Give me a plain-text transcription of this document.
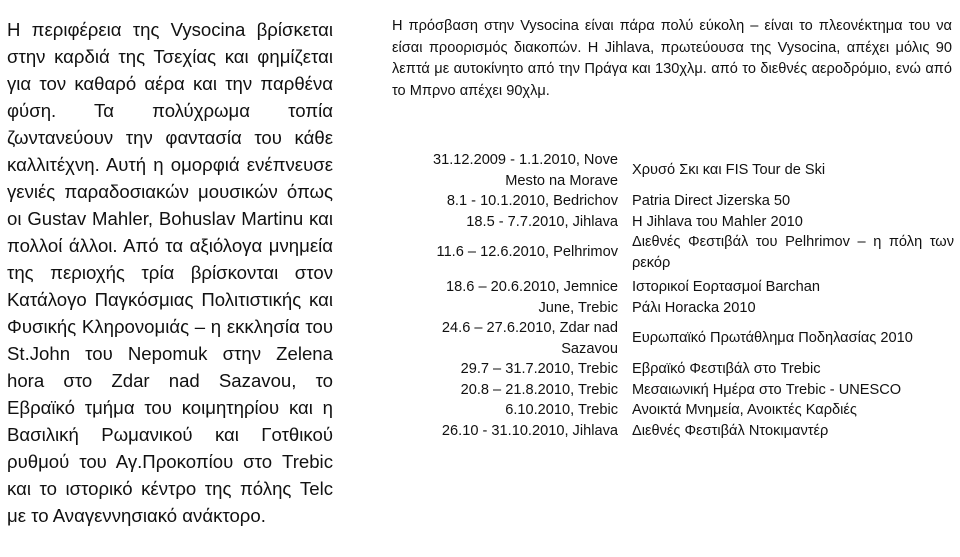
Η περιφέρεια της Vysocina βρίσκεται στην καρδιά της Τσεχίας και φημίζεται για τον καθαρό αέρα και την παρθένα φύση. Τα πολύχρωμα τοπία ζωντανεύουν την φαντασία του κάθε καλλιτέχνη. Αυτή η ομορφιά ενέπνευσε γενιές παραδοσιακών μουσικών όπως οι Gustav Mahler, Bohuslav Martinu και πολλοί άλλοι. Από τα αξιόλογα μνημεία της περιοχής τρία βρίσκονται στον Κατάλογο Παγκόσμιας Πολιτιστικής και Φυσικής Κληρονομιάς – η εκκλησία του St.John του Nepomuk στην Zelena hora στο Zdar nad Sazavou, το Εβραϊκό τμήμα του κοιμητηρίου και η Βασιλική Ρωμανικού και Γοτθικού ρυθμού του Αγ.Προκοπίου στο Trebic και το ιστορικό κέντρο της πόλης Telc με το Αναγεννησιακό ανάκτορο.

Η πρόσβαση στην Vysocina είναι πάρα πολύ εύκολη – είναι το πλεονέκτημα του να είσαι προορισμός διακοπών. Η Jihlava, πρωτεύουσα της Vysocina, απέχει μόλις 90 λεπτά με αυτοκίνητο από την Πράγα και 130χλμ. από το διεθνές αεροδρόμιο, ενώ από το Μπρνο απέχει 90χλμ.
31.12.2009 - 1.1.2010, Nove Mesto na Morave
Χρυσό Σκι και FIS Tour de Ski
8.1 - 10.1.2010, Bedrichov Patria Direct Jizerska 50
18.5 - 7.7.2010, Jihlava H Jihlava του Mahler 2010
11.6 – 12.6.2010, Pelhrimov
Διεθνές Φεστιβάλ του Pelhrimov – η πόλη των ρεκόρ
18.6 – 20.6.2010, Jemnice Ιστορικοί Εορτασμοί Barchan
June, Trebic Ράλι Horacka 2010
24.6 – 27.6.2010, Zdar nad Sazavou
Ευρωπαϊκό Πρωτάθλημα Ποδηλασίας 2010
29.7 – 31.7.2010, Trebic Εβραϊκό Φεστιβάλ στο Trebic
20.8 – 21.8.2010, Trebic Μεσαιωνική Ημέρα στο Trebic - UNESCO
6.10.2010, Trebic Ανοικτά Μνημεία, Ανοικτές Καρδιές
26.10 - 31.10.2010, Jihlava Διεθνές Φεστιβάλ Ντοκιμαντέρ
